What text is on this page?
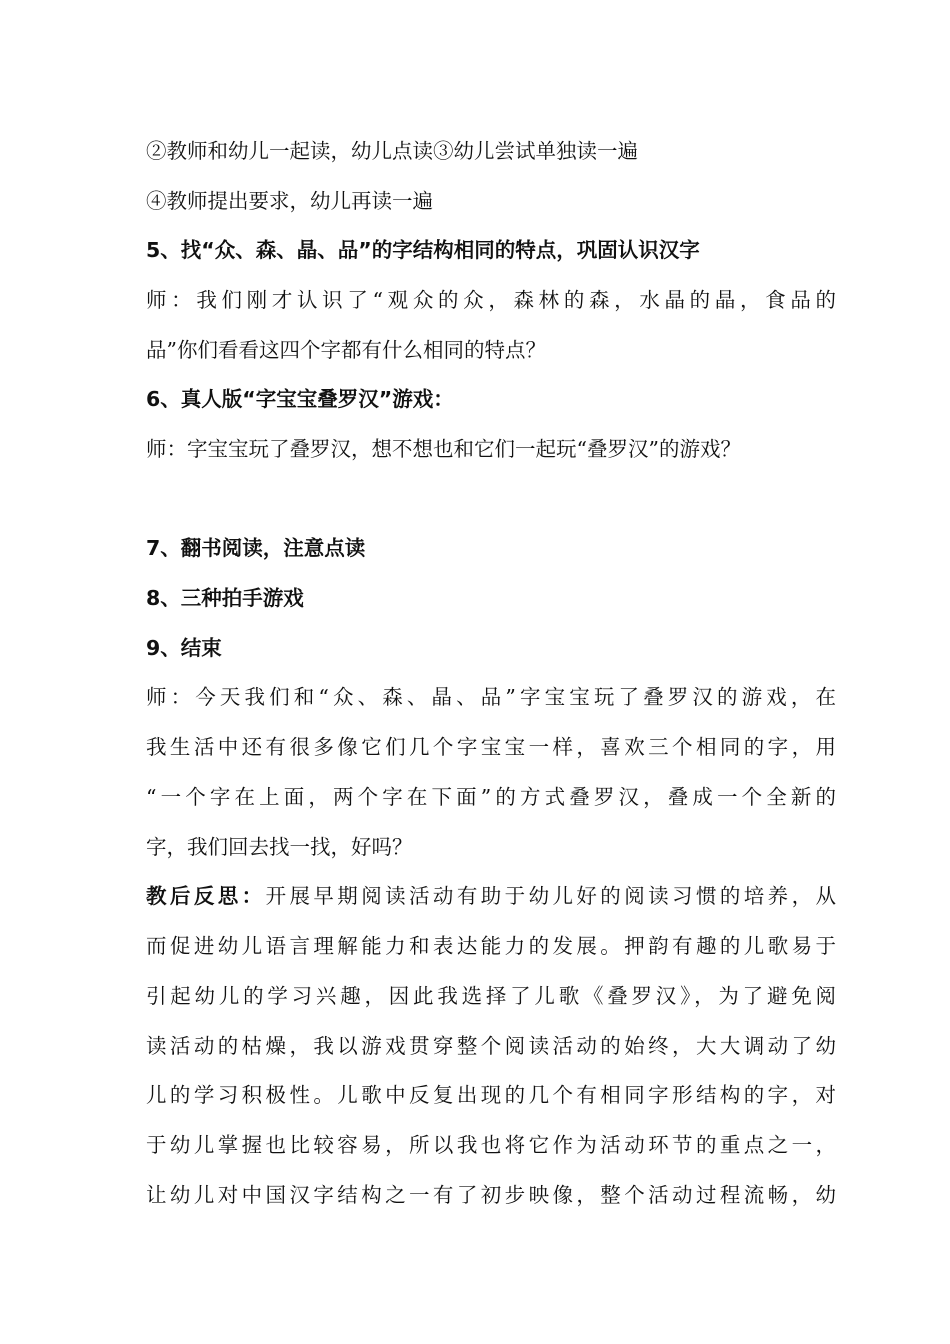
②教师和幼儿一起读，幼儿点读③幼儿尝试单独读一遍
④教师提出要求，幼儿再读一遍
5、找“众、森、晶、品”的字结构相同的特点，巩固认识汉字
师：我们刚才认识了“观众的众，森林的森，水晶的晶，食品的
品”你们看看这四个字都有什么相同的特点？
6、真人版“字宝宝叠罗汉”游戏：
师：字宝宝玩了叠罗汉，想不想也和它们一起玩“叠罗汉”的游戏？
7、翻书阅读，注意点读
8、三种拍手游戏
9、结束
师：今天我们和“众、森、晶、品”字宝宝玩了叠罗汉的游戏，在
我生活中还有很多像它们几个字宝宝一样，喜欢三个相同的字，用
“一个字在上面，两个字在下面”的方式叠罗汉，叠成一个全新的
字，我们回去找一找，好吗？
教后反思：开展早期阅读活动有助于幼儿好的阅读习惯的培养，从
而促进幼儿语言理解能力和表达能力的发展。押韵有趣的儿歌易于
引起幼儿的学习兴趣，因此我选择了儿歌《叠罗汉》，为了避免阅
读活动的枯燥，我以游戏贯穿整个阅读活动的始终，大大调动了幼
儿的学习积极性。儿歌中反复出现的几个有相同字形结构的字，对
于幼儿掌握也比较容易，所以我也将它作为活动环节的重点之一，
让幼儿对中国汉字结构之一有了初步映像，整个活动过程流畅，幼
